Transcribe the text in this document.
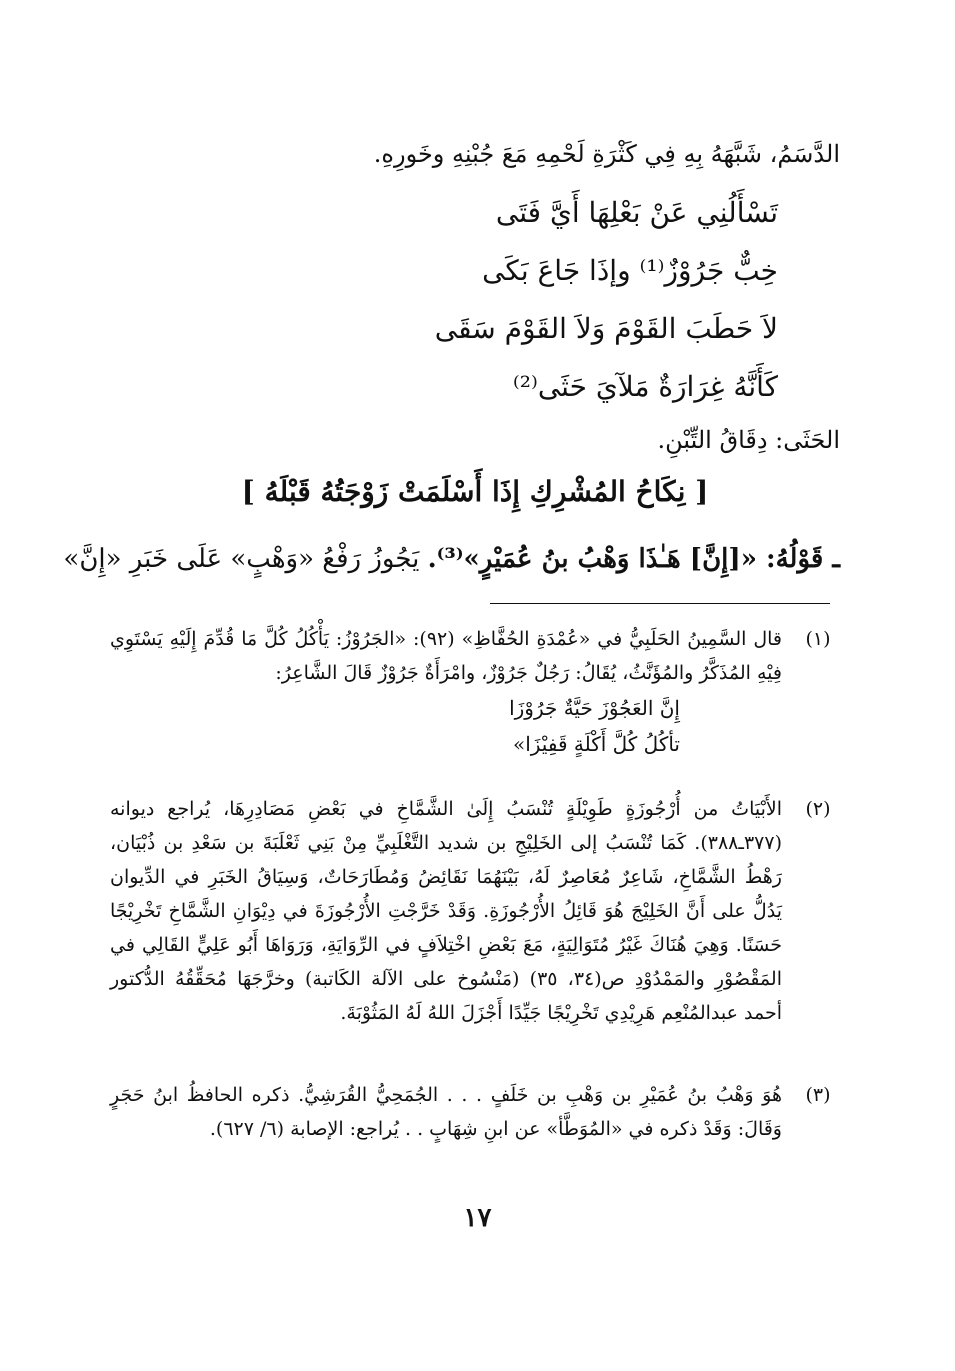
الدَّسَمُ، شَبَّهَهُ بِهِ فِي كَثْرَةِ لَحْمِهِ مَعَ جُبْنِهِ وخَورِهِ.
تَسْأَلُنِي عَنْ بَعْلِهَا أَيَّ فَتَى
خِبٌّ جَرُوْزٌ⁽¹⁾ وإذَا جَاعَ بَكَى
لاَ حَطَبَ القَوْمَ وَلاَ القَوْمَ سَقَى
كَأَنَّهُ غِرَارَةٌ مَلآيَ حَثَى⁽²⁾
الحَثَى: دِقَاقُ التِّبْنِ.
[ نِكَاحُ المُشْرِكِ إِذَا أَسْلَمَتْ زَوْجَتُهُ قَبْلَهُ ]
ـ قَوْلُهُ: «[إِنَّ] هَـٰذَا وَهْبُ بنُ عُمَيْرٍ»⁽³⁾. يَجُوزُ رَفْعُ «وَهْبٍ» عَلَى خَبَرِ «إِنَّ»
(١)
قال السَّمِينُ الحَلَبِيُّ في «عُمْدَةِ الحُفَّاظِ» (٩٢): «الجَرُوْزُ: يَأْكُلُ كُلَّ مَا قُدِّمَ إِلَيْهِ يَسْتَوِي فِيْهِ المُذَكَّرُ والمُؤَنَّثُ، يُقَالُ: رَجُلٌ جَرُوْزٌ، وامْرَأَةٌ جَرُوْزٌ قَالَ الشَّاعِرُ:
إِنَّ العَجُوْزَ حَيَّةٌ جَرُوْزَا
تأكُلُ كُلَّ أَكْلَةٍ قَفِيْزَا»
(٢)
الأَبْيَاتُ من أُرْجُوزَةٍ طَوِيْلَةٍ تُنْسَبُ إِلَىٰ الشَّمَّاخِ في بَعْضِ مَصَادِرِهَا، يُراجع ديوانه (٣٧٧ـ٣٨٨). كَمَا تُنْسَبُ إلى الخَلِيْجِ بن شديد التَّغْلَبِيِّ مِنْ بَنِي ثَعْلَبَةَ بن سَعْدِ بن ذُبْيَان، رَهْطُ الشَّمَّاخِ، شَاعِرٌ مُعَاصِرٌ لَهُ، بَيْنَهُمَا نَقَائِضُ وَمُطَارَحَاتٌ، وَسِيَاقُ الخَبَرِ في الدِّيوان يَدُلُّ على أَنَّ الخَلِيْجَ هُوَ قَائِلُ الأُرْجُوزَةِ. وَقَدْ خَرَّجْتِ الأُرْجُوزَةَ في دِيْوَانِ الشَّمَّاخِ تَخْرِيْجًا حَسَنًا. وَهِيَ هُنَاكَ غَيْرُ مُتَوَالِيَةٍ، مَعَ بَعْضِ اخْتِلاَفٍ في الرِّوَايَةِ، وَرَوَاهَا أَبُو عَلِيٍّ القَالِي في المَقْصُوْرِ والمَمْدُوْدِ ص(٣٤، ٣٥) (مَنْسُوخ على الآلة الكَاتبة) وخرَّجَهَا مُحَقِّقُهُ الدُّكتور أحمد عبدالمُنْعِم هَرِيْدِي تَخْرِيْجًا جَيِّدًا أَجْزَلَ اللهُ لَهُ المَثُوْبَةَ.
(٣)
هُوَ وَهْبُ بنُ عُمَيْرِ بن وَهْبِ بن خَلَفٍ . . . الجُمَحِيُّ القُرَشِيُّ. ذكره الحافظُ ابنُ حَجَرٍ وَقَالَ: وَقَدْ ذكره في «المُوَطَّأ» عن ابنِ شِهَابٍ . . يُراجع: الإصابة (٦/ ٦٢٧).
١٧
